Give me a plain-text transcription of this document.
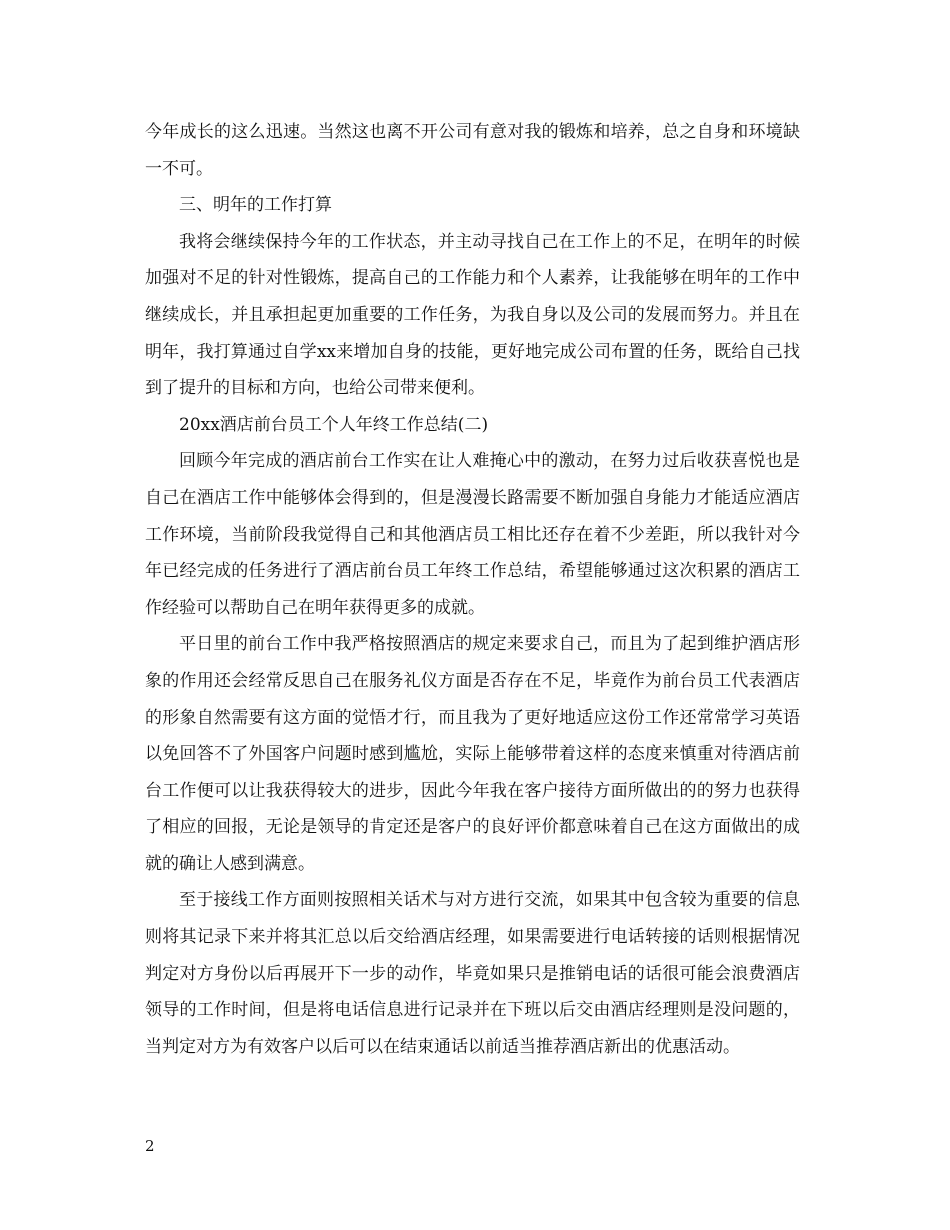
今年成长的这么迅速。当然这也离不开公司有意对我的锻炼和培养，总之自身和环境缺一不可。

三、明年的工作打算

我将会继续保持今年的工作状态，并主动寻找自己在工作上的不足，在明年的时候加强对不足的针对性锻炼，提高自己的工作能力和个人素养，让我能够在明年的工作中继续成长，并且承担起更加重要的工作任务，为我自身以及公司的发展而努力。并且在明年，我打算通过自学xx来增加自身的技能，更好地完成公司布置的任务，既给自己找到了提升的目标和方向，也给公司带来便利。

20xx酒店前台员工个人年终工作总结(二)

回顾今年完成的酒店前台工作实在让人难掩心中的激动，在努力过后收获喜悦也是自己在酒店工作中能够体会得到的，但是漫漫长路需要不断加强自身能力才能适应酒店工作环境，当前阶段我觉得自己和其他酒店员工相比还存在着不少差距，所以我针对今年已经完成的任务进行了酒店前台员工年终工作总结，希望能够通过这次积累的酒店工作经验可以帮助自己在明年获得更多的成就。

平日里的前台工作中我严格按照酒店的规定来要求自己，而且为了起到维护酒店形象的作用还会经常反思自己在服务礼仪方面是否存在不足，毕竟作为前台员工代表酒店的形象自然需要有这方面的觉悟才行，而且我为了更好地适应这份工作还常常学习英语以免回答不了外国客户问题时感到尴尬，实际上能够带着这样的态度来慎重对待酒店前台工作便可以让我获得较大的进步，因此今年我在客户接待方面所做出的的努力也获得了相应的回报，无论是领导的肯定还是客户的良好评价都意味着自己在这方面做出的成就的确让人感到满意。

至于接线工作方面则按照相关话术与对方进行交流，如果其中包含较为重要的信息则将其记录下来并将其汇总以后交给酒店经理，如果需要进行电话转接的话则根据情况判定对方身份以后再展开下一步的动作，毕竟如果只是推销电话的话很可能会浪费酒店领导的工作时间，但是将电话信息进行记录并在下班以后交由酒店经理则是没问题的，当判定对方为有效客户以后可以在结束通话以前适当推荐酒店新出的优惠活动。

2
